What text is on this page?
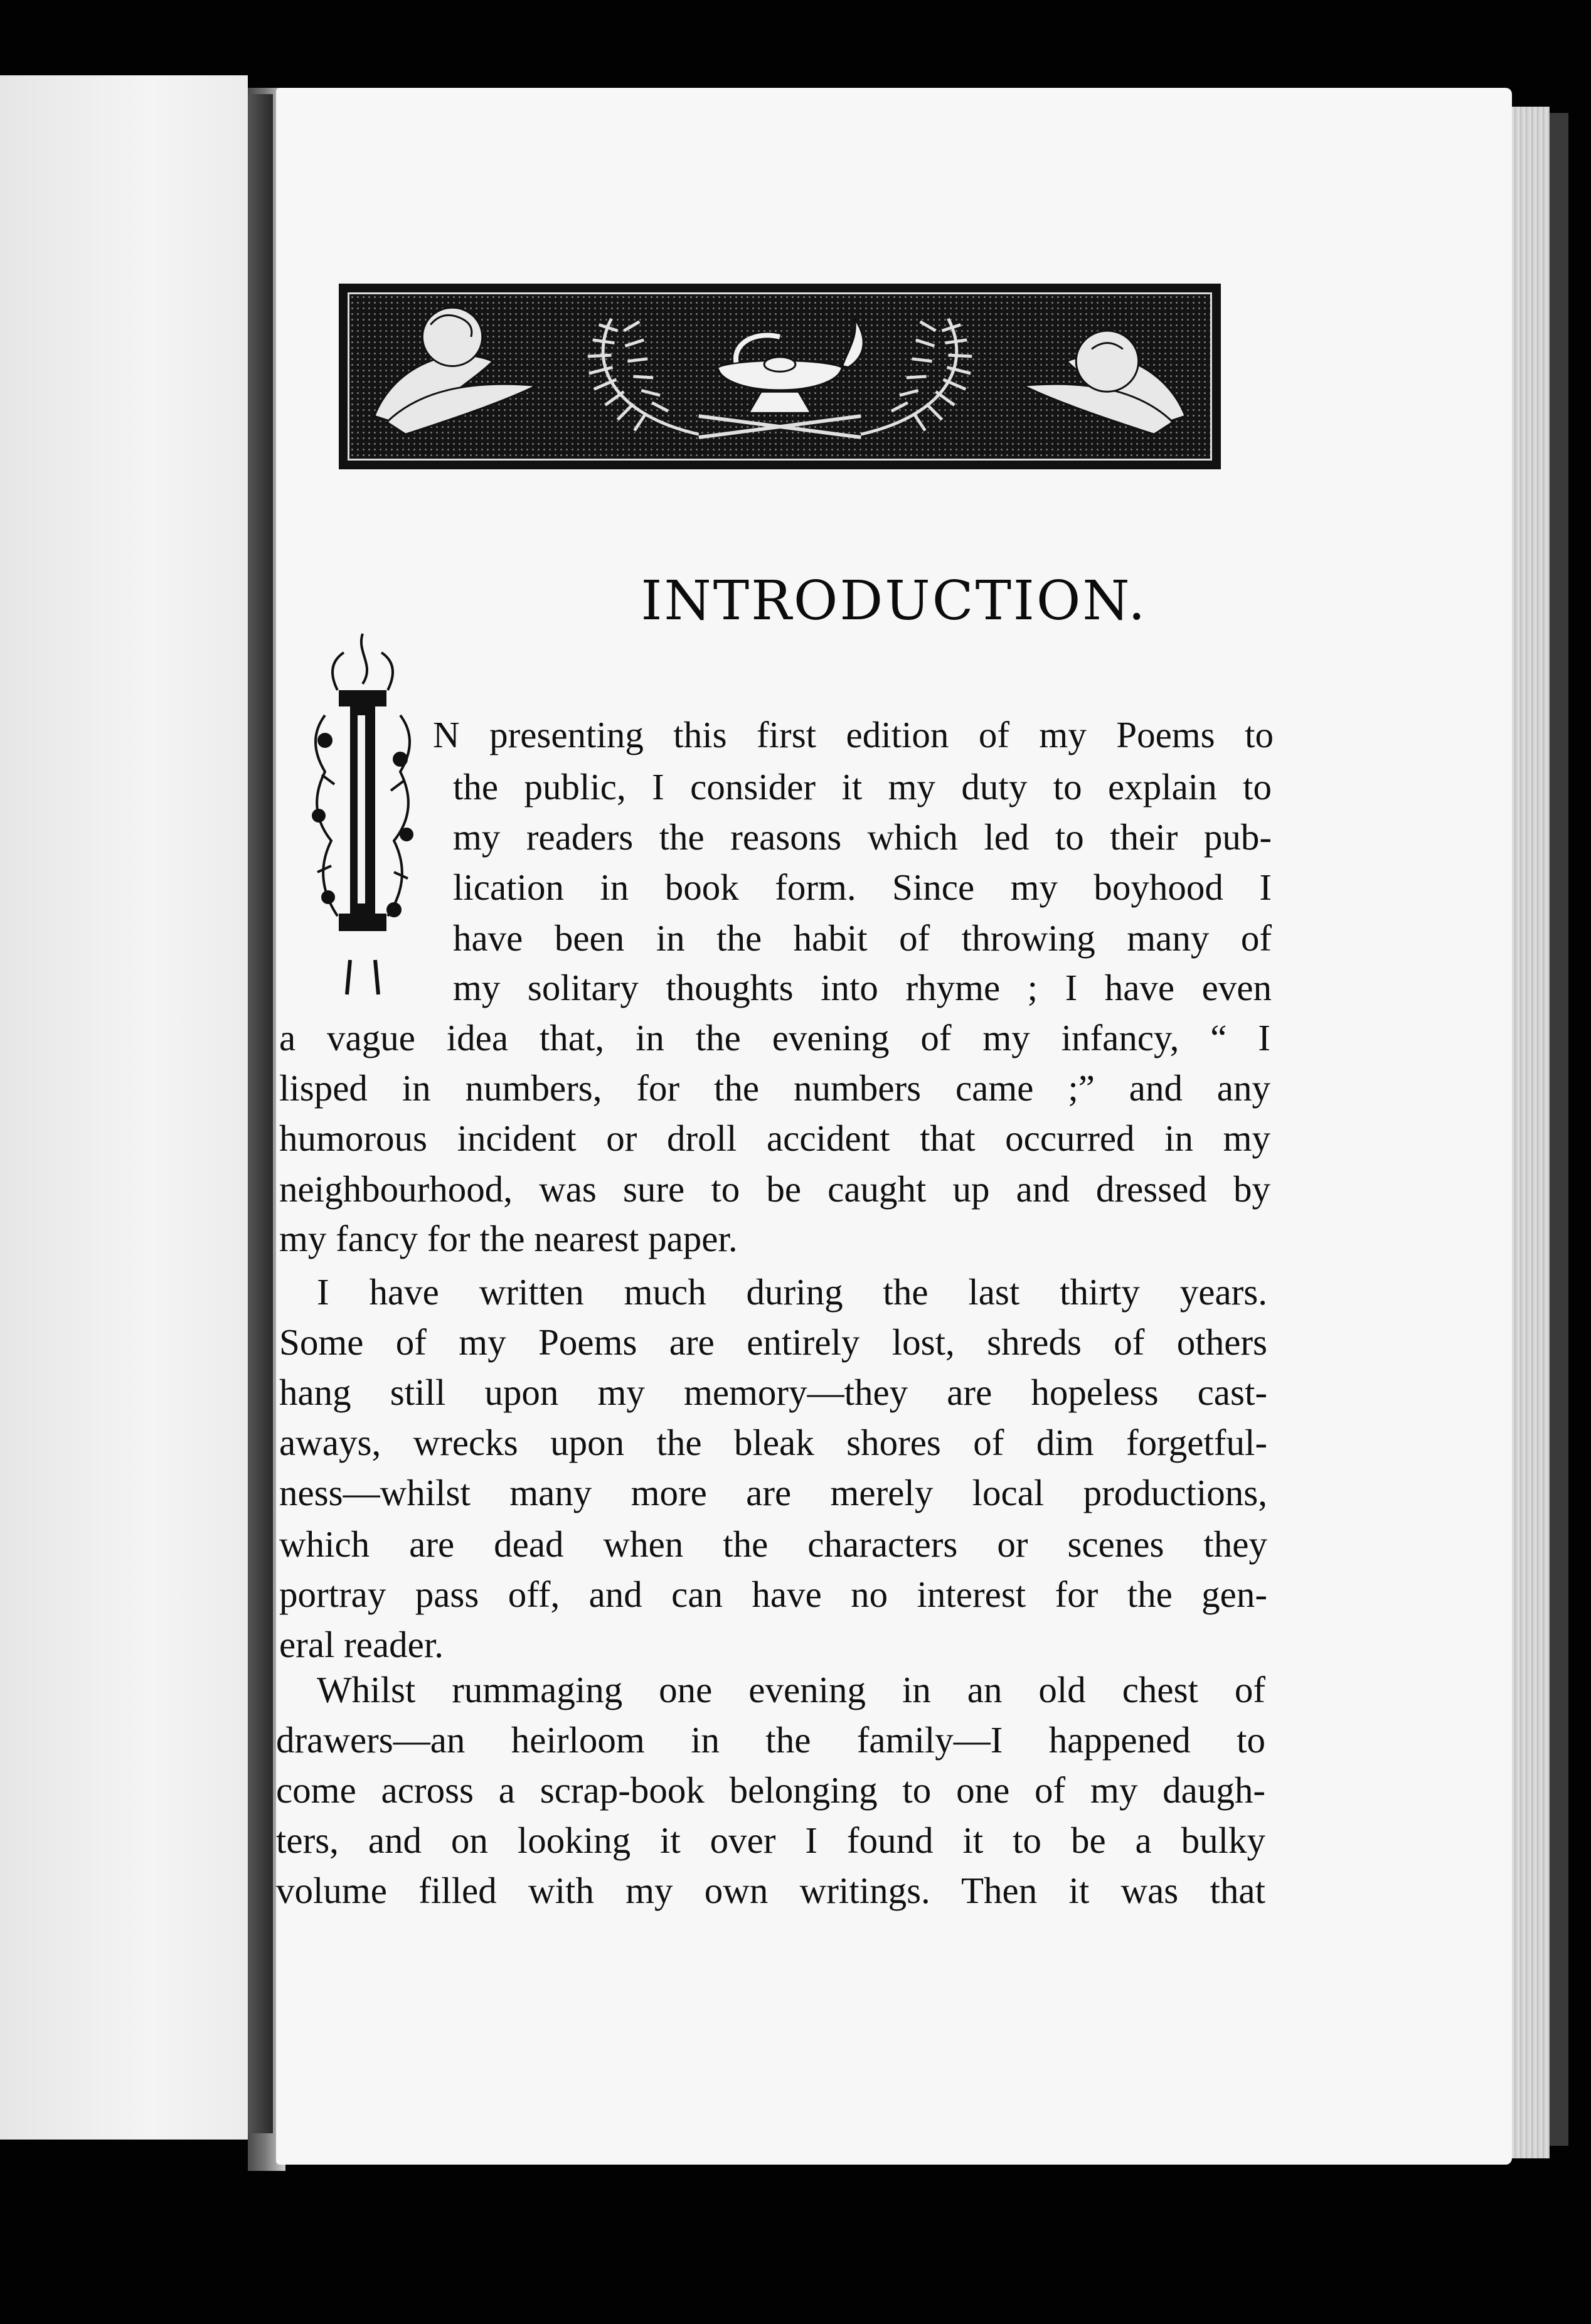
INTRODUCTION.
N presenting this first edition of my Poems to
the public, I consider it my duty to explain to
my readers the reasons which led to their pub-
lication in book form. Since my boyhood I
have been in the habit of throwing many of
my solitary thoughts into rhyme ; I have even
a vague idea that, in the evening of my infancy, “ I
lisped in numbers, for the numbers came ;” and any
humorous incident or droll accident that occurred in my
neighbourhood, was sure to be caught up and dressed by
my fancy for the nearest paper.
I have written much during the last thirty years.
Some of my Poems are entirely lost, shreds of others
hang still upon my memory—they are hopeless cast-
aways, wrecks upon the bleak shores of dim forgetful-
ness—whilst many more are merely local productions,
which are dead when the characters or scenes they
portray pass off, and can have no interest for the gen-
eral reader.
Whilst rummaging one evening in an old chest of
drawers—an heirloom in the family—I happened to
come across a scrap-book belonging to one of my daugh-
ters, and on looking it over I found it to be a bulky
volume filled with my own writings. Then it was that
